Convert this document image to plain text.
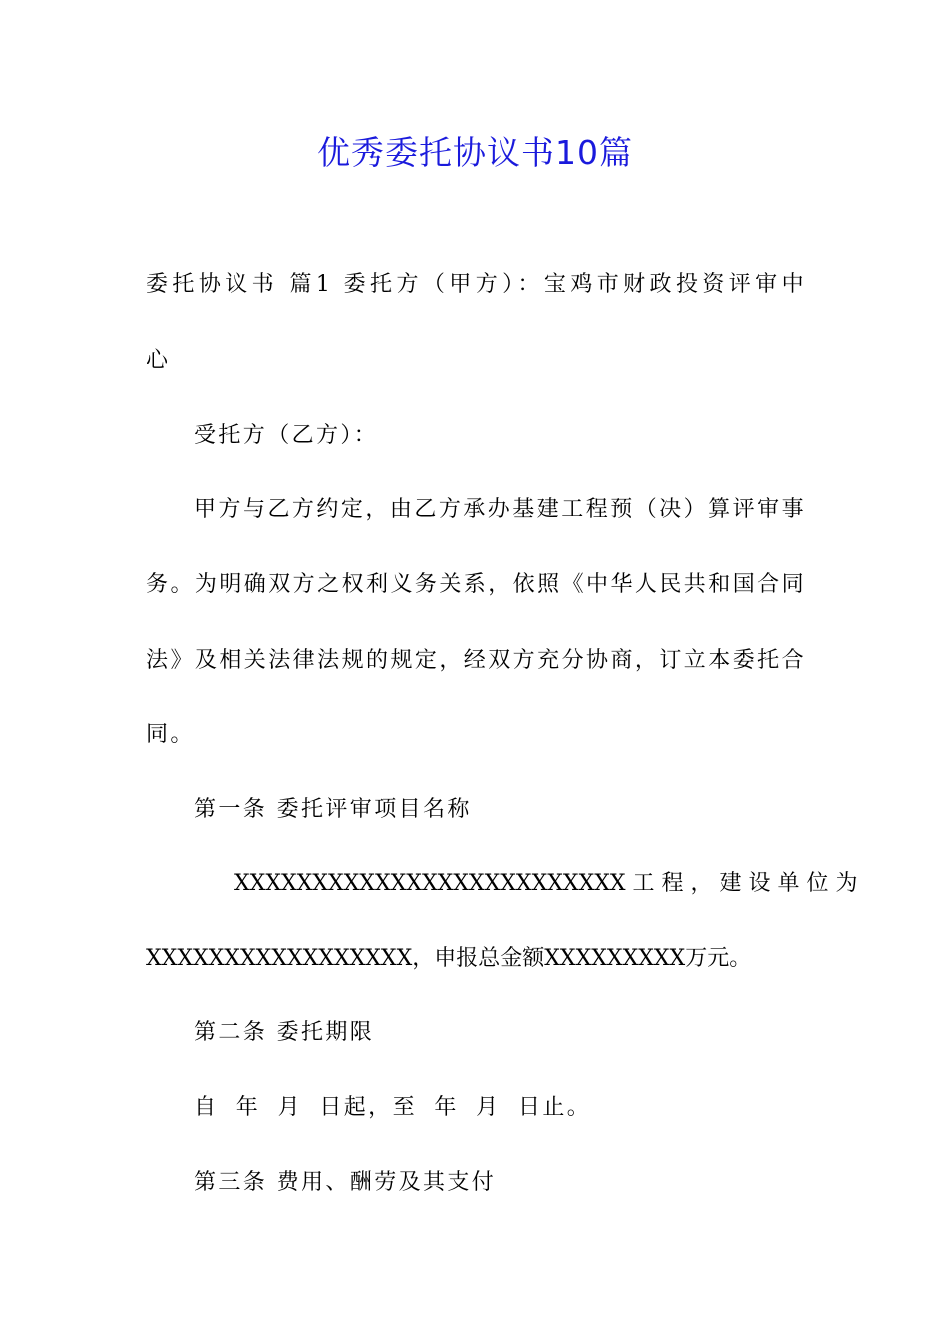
优秀委托协议书10篇
委托协议书 篇1 委托方（甲方）：宝鸡市财政投资评审中
心
受托方（乙方）：
甲方与乙方约定，由乙方承办基建工程预（决）算评审事
务。为明确双方之权利义务关系，依照《中华人民共和国合同
法》及相关法律法规的规定，经双方充分协商，订立本委托合
同。
第一条 委托评审项目名称
XXXXXXXXXXXXXXXXXXXXXXXXX 工 程 ， 建 设 单 位 为
XXXXXXXXXXXXXXXXX，申报总金额XXXXXXXXX万元。
第二条 委托期限
自 年 月 日起，至 年 月 日止。
第三条 费用、酬劳及其支付
